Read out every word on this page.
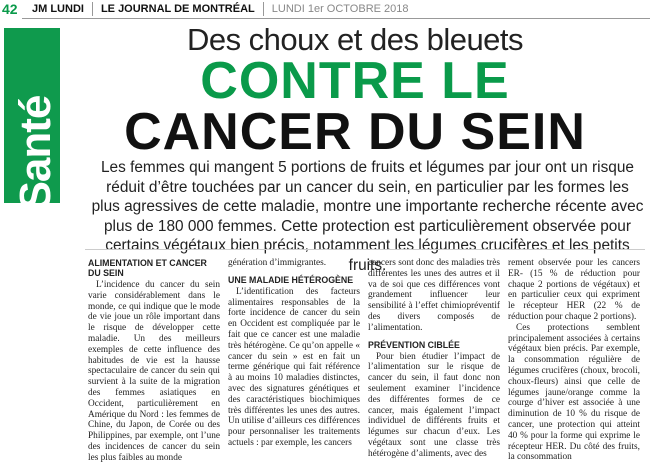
42	JM LUNDI	LE JOURNAL DE MONTRÉAL	LUNDI 1er OCTOBRE 2018
Santé
Des choux et des bleuets
CONTRE LE
CANCER DU SEIN
Les femmes qui mangent 5 portions de fruits et légumes par jour ont un risque réduit d’être touchées par un cancer du sein, en particulier par les formes les plus agressives de cette maladie, montre une importante recherche récente avec plus de 180 000 femmes. Cette protection est particulièrement observée pour certains végétaux bien précis, notamment les légumes crucifères et les petits fruits.
ALIMENTATION ET CANCER DU SEIN

L’incidence du cancer du sein varie considérablement dans le monde, ce qui indique que le mode de vie joue un rôle important dans le risque de développer cette maladie. Un des meilleurs exemples de cette influence des habitudes de vie est la hausse spectaculaire de cancer du sein qui survient à la suite de la migration des femmes asiatiques en Occident, particulièrement en Amérique du Nord : les femmes de Chine, du Japon, de Corée ou des Philippines, par exemple, ont l’une des incidences de cancer du sein les plus faibles au monde

génération d’immigrantes.

UNE MALADIE HÉTÉROGÈNE

L’identification des facteurs alimentaires responsables de la forte incidence de cancer du sein en Occident est compliquée par le fait que ce cancer est une maladie très hétérogène. Ce qu’on appelle « cancer du sein » est en fait un terme générique qui fait référence à au moins 10 maladies distinctes, avec des signatures génétiques et des caractéristiques biochimiques très différentes les unes des autres. Un utilise d’ailleurs ces différences pour personnaliser les traitements actuels : par exemple, les cancers

cancers sont donc des maladies très différentes les unes des autres et il va de soi que ces différences vont grandement influencer leur sensibilité à l’effet chimiopréventif des divers composés de l’alimentation.

PRÉVENTION CIBLÉE

Pour bien étudier l’impact de l’alimentation sur le risque de cancer du sein, il faut donc non seulement examiner l’incidence des différentes formes de ce cancer, mais également l’impact individuel de différents fruits et légumes sur chacun d’eux. Les végétaux sont une classe très hétérogène d’aliments, avec des

rement observée pour les cancers ER- (15 % de réduction pour chaque 2 portions de végétaux) et en particulier ceux qui expriment le récepteur HER (22 % de réduction pour chaque 2 portions).

Ces protections semblent principalement associées à certains végétaux bien précis. Par exemple, la consommation régulière de légumes crucifères (choux, brocoli, choux-fleurs) ainsi que celle de légumes jaune/orange comme la courge d’hiver est associée à une diminution de 10 % du risque de cancer, une protection qui atteint 40 % pour la forme qui exprime le récepteur HER. Du côté des fruits, la consommation
